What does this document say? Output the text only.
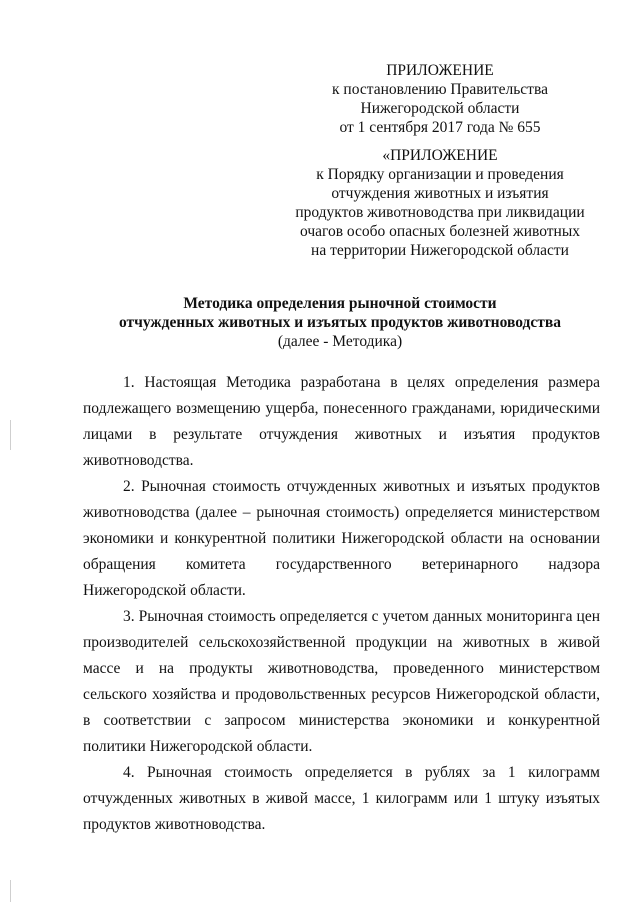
ПРИЛОЖЕНИЕ
к постановлению Правительства
Нижегородской области
от 1 сентября 2017 года № 655
«ПРИЛОЖЕНИЕ
к Порядку организации и проведения
отчуждения животных и изъятия
продуктов животноводства при ликвидации
очагов особо опасных болезней животных
на территории Нижегородской области
Методика определения рыночной стоимости
отчужденных животных и изъятых продуктов животноводства
(далее - Методика)

1. Настоящая Методика разработана в целях определения размера подлежащего возмещению ущерба, понесенного гражданами, юридическими лицами в результате отчуждения животных и изъятия продуктов животноводства.

2. Рыночная стоимость отчужденных животных и изъятых продуктов животноводства (далее – рыночная стоимость) определяется министерством экономики и конкурентной политики Нижегородской области на основании обращения комитета государственного ветеринарного надзора Нижегородской области.

3. Рыночная стоимость определяется с учетом данных мониторинга цен производителей сельскохозяйственной продукции на животных в живой массе и на продукты животноводства, проведенного министерством сельского хозяйства и продовольственных ресурсов Нижегородской области, в соответствии с запросом министерства экономики и конкурентной политики Нижегородской области.

4. Рыночная стоимость определяется в рублях за 1 килограмм отчужденных животных в живой массе, 1 килограмм или 1 штуку изъятых продуктов животноводства.
